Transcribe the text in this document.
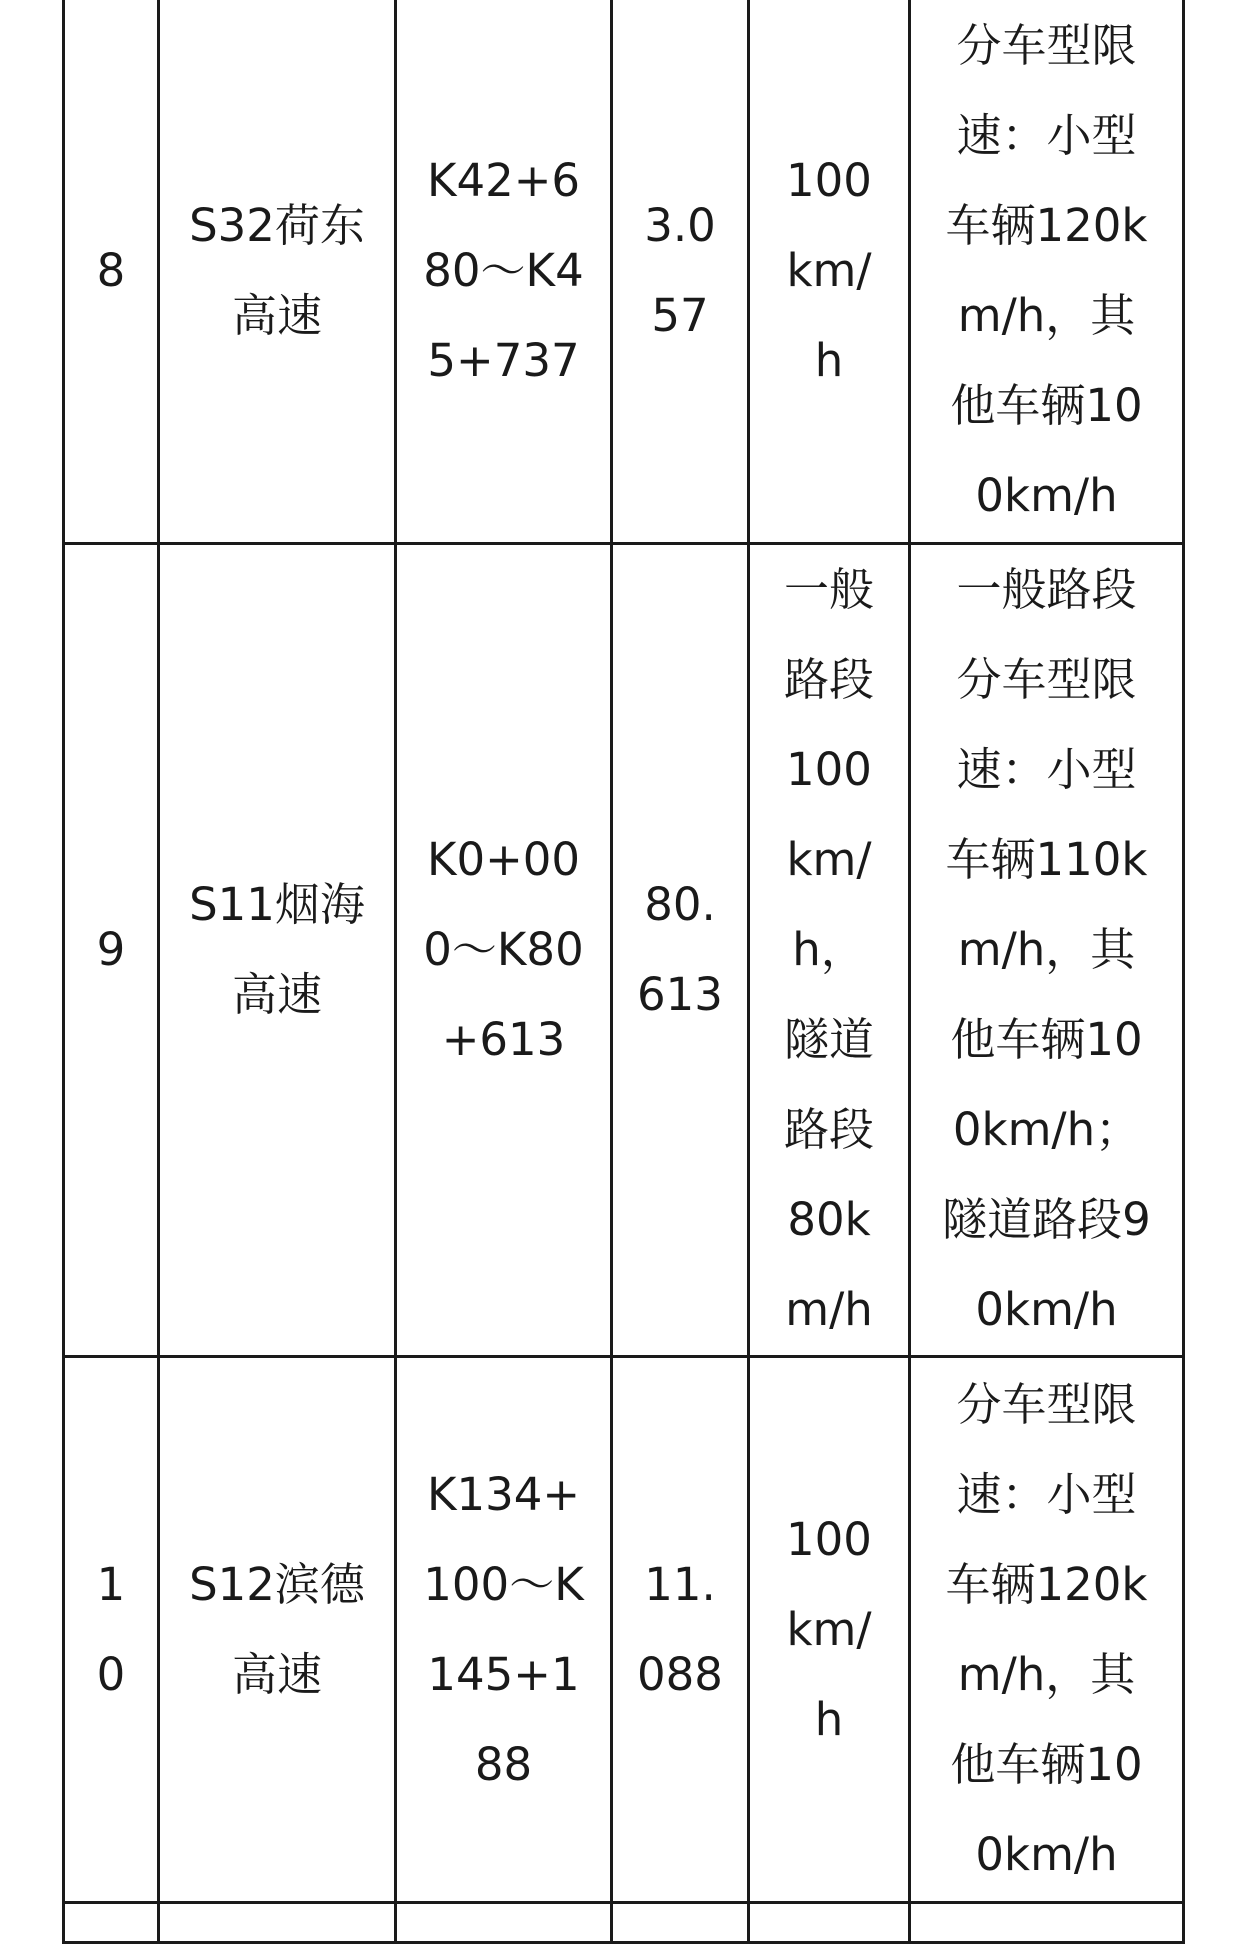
8	S32荷东高速	K42+680～K45+737	3.057	100km/h	分车型限速：小型车辆120km/h，其他车辆100km/h

9	S11烟海高速	K0+000～K80+613	80.613	一般路段100km/h，隧道路段80km/h	一般路段分车型限速：小型车辆110km/h，其他车辆100km/h；隧道路段90km/h

10	S12滨德高速	K134+100～K145+188	11.088	100km/h	分车型限速：小型车辆120km/h，其他车辆100km/h
